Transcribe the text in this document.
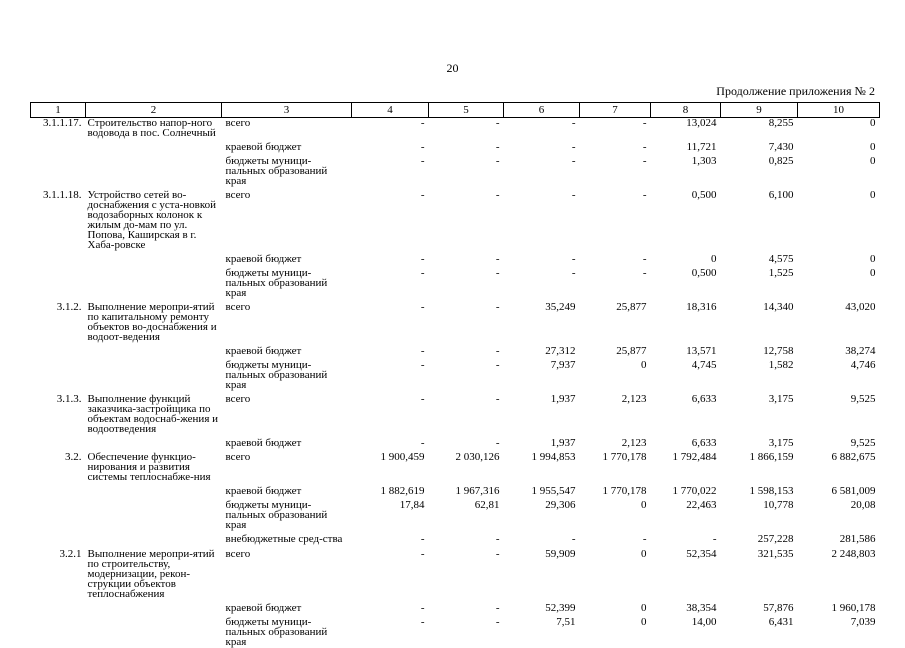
20
Продолжение приложения № 2
1	2	3	4	5	6	7	8	9	10
3.1.1.17.	Строительство напор-ного водовода в пос. Солнечный	всего	-	-	-	-	13,024	8,255	0
		краевой бюджет	-	-	-	-	11,721	7,430	0
		бюджеты муници-пальных образований края	-	-	-	-	1,303	0,825	0
3.1.1.18.	Устройство сетей во-доснабжения с уста-новкой водозаборных колонок к жилым до-мам по ул. Попова, Каширская в г. Хаба-ровске	всего	-	-	-	-	0,500	6,100	0
		краевой бюджет	-	-	-	-	0	4,575	0
		бюджеты муници-пальных образований края	-	-	-	-	0,500	1,525	0
3.1.2.	Выполнение меропри-ятий по капитальному ремонту объектов во-доснабжения и водоот-ведения	всего	-	-	35,249	25,877	18,316	14,340	43,020
		краевой бюджет	-	-	27,312	25,877	13,571	12,758	38,274
		бюджеты муници-пальных образований края	-	-	7,937	0	4,745	1,582	4,746
3.1.3.	Выполнение функций заказчика-застройщика по объектам водоснаб-жения и водоотведения	всего	-	-	1,937	2,123	6,633	3,175	9,525
		краевой бюджет	-	-	1,937	2,123	6,633	3,175	9,525
3.2.	Обеспечение функцио-нирования и развития системы теплоснабже-ния	всего	1 900,459	2 030,126	1 994,853	1 770,178	1 792,484	1 866,159	6 882,675
		краевой бюджет	1 882,619	1 967,316	1 955,547	1 770,178	1 770,022	1 598,153	6 581,009
		бюджеты муници-пальных образований края	17,84	62,81	29,306	0	22,463	10,778	20,08
		внебюджетные сред-ства	-	-	-	-	-	257,228	281,586
3.2.1	Выполнение меропри-ятий по строительству, модернизации, рекон-струкции объектов теплоснабжения	всего	-	-	59,909	0	52,354	321,535	2 248,803
		краевой бюджет	-	-	52,399	0	38,354	57,876	1 960,178
		бюджеты муници-пальных образований края	-	-	7,51	0	14,00	6,431	7,039
